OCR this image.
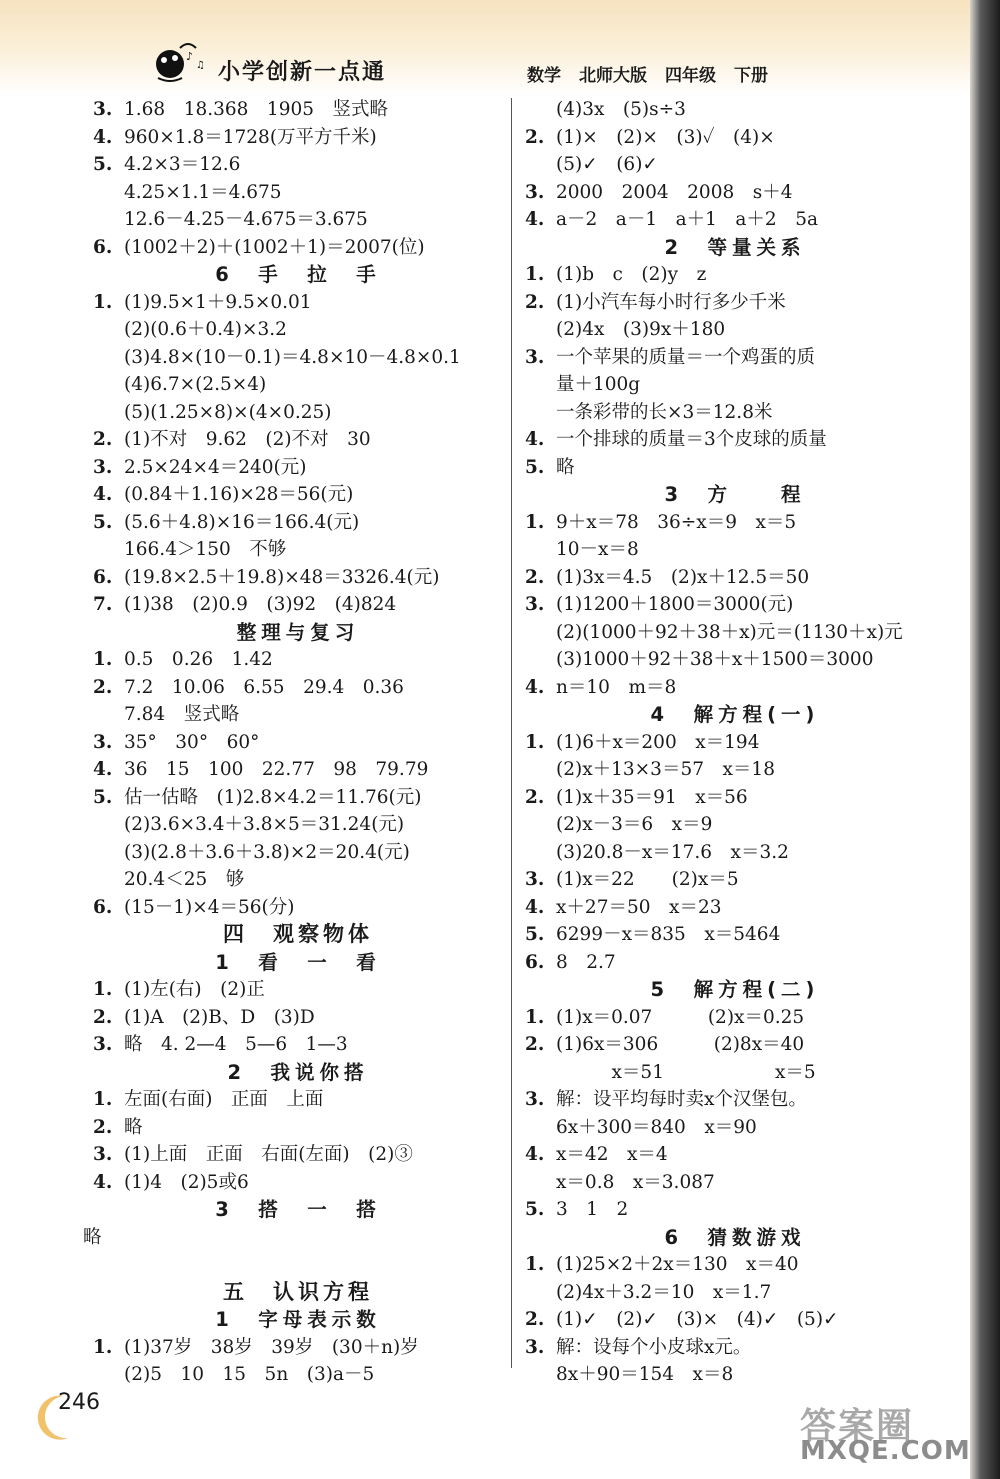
♪
♫ 小学创新一点通	数学 北师大版 四年级 下册
3. 1.68　18.368　1905　竖式略
4. 960×1.8＝1728(万平方千米)
5. 4.2×3＝12.6
4.25×1.1＝4.675
12.6－4.25－4.675＝3.675
6. (1002＋2)＋(1002＋1)＝2007(位)
6　手　拉　手
1. (1)9.5×1＋9.5×0.01
(2)(0.6＋0.4)×3.2
(3)4.8×(10－0.1)＝4.8×10－4.8×0.1
(4)6.7×(2.5×4)
(5)(1.25×8)×(4×0.25)
2. (1)不对　9.62　(2)不对　30
3. 2.5×24×4＝240(元)
4. (0.84＋1.16)×28＝56(元)
5. (5.6＋4.8)×16＝166.4(元)
166.4＞150　不够
6. (19.8×2.5＋19.8)×48＝3326.4(元)
7. (1)38　(2)0.9　(3)92　(4)824
整理与复习
1. 0.5　0.26　1.42
2. 7.2　10.06　6.55　29.4　0.36
7.84　竖式略
3. 35°　30°　60°
4. 36　15　100　22.77　98　79.79
5. 估一估略　(1)2.8×4.2＝11.76(元)
(2)3.6×3.4＋3.8×5＝31.24(元)
(3)(2.8＋3.6＋3.8)×2＝20.4(元)
20.4＜25　够
6. (15－1)×4＝56(分)
四　观察物体
1　看　一　看
1. (1)左(右)　(2)正
2. (1)A　(2)B、D　(3)D
3. 略　4. 2—4　5—6　1—3
2　我说你搭
1. 左面(右面)　正面　上面
2. 略
3. (1)上面　正面　右面(左面)　(2)③
4. (1)4　(2)5或6
3　搭　一　搭
略
五　认识方程
1　字母表示数
1. (1)37岁　38岁　39岁　(30＋n)岁
(2)5　10　15　5n　(3)a－5
(4)3x　(5)s÷3
2. (1)×　(2)×　(3)✓　(4)×
(5)✓　(6)✓
3. 2000　2004　2008　s＋4
4. a－2　a－1　a＋1　a＋2　5a
2　等量关系
1. (1)b　c　(2)y　z
2. (1)小汽车每小时行多少千米
(2)4x　(3)9x＋180
3. 一个苹果的质量＝一个鸡蛋的质
量＋100g
一条彩带的长×3＝12.8米
4. 一个排球的质量＝3个皮球的质量
5. 略
3　方　　程
1. 9＋x＝78　36÷x＝9　x＝5
10－x＝8
2. (1)3x＝4.5　(2)x＋12.5＝50
3. (1)1200＋1800＝3000(元)
(2)(1000＋92＋38＋x)元＝(1130＋x)元
(3)1000＋92＋38＋x＋1500＝3000
4. n＝10　m＝8
4　解方程(一)
1. (1)6＋x＝200　x＝194
(2)x＋13×3＝57　x＝18
2. (1)x＋35＝91　x＝56
(2)x－3＝6　x＝9
(3)20.8－x＝17.6　x＝3.2
3. (1)x＝22　　(2)x＝5
4. x＋27＝50　x＝23
5. 6299－x＝835　x＝5464
6. 8　2.7
5　解方程(二)
1. (1)x＝0.07　　　(2)x＝0.25
2. (1)6x＝306　　　(2)8x＝40
　　　x＝51　　　　　　x＝5
3. 解：设平均每时卖x个汉堡包。
6x＋300＝840　x＝90
4. x＝42　x＝4
x＝0.8　x＝3.087
5. 3　1　2
6　猜数游戏
1. (1)25×2＋2x＝130　x＝40
(2)4x＋3.2＝10　x＝1.7
2. (1)✓　(2)✓　(3)×　(4)✓　(5)✓
3. 解：设每个小皮球x元。
8x＋90＝154　x＝8
246
答案圈
MXQE.COM
